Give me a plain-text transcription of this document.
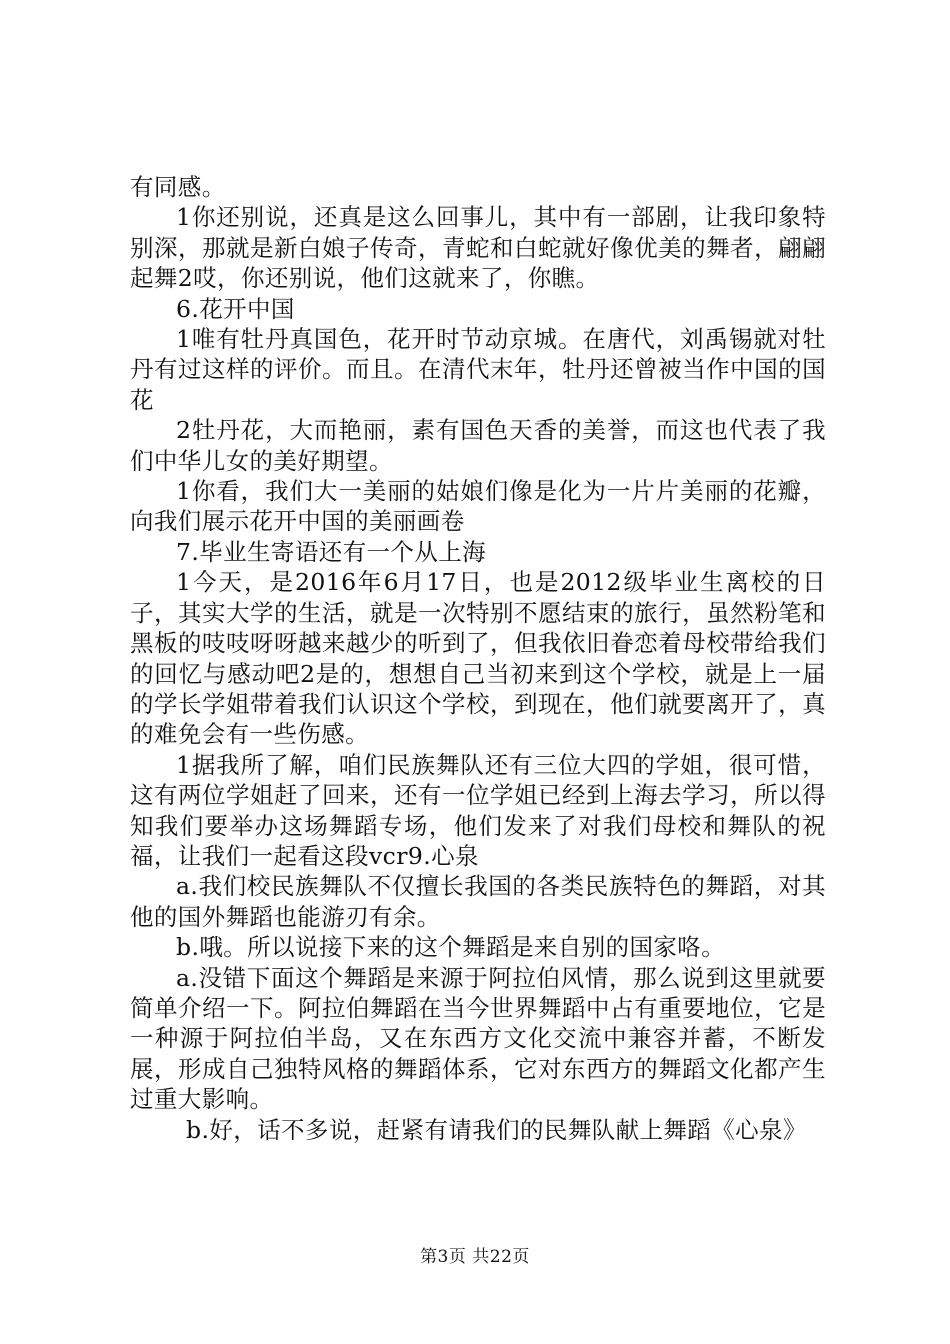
有同感。

1你还别说，还真是这么回事儿，其中有一部剧，让我印象特别深，那就是新白娘子传奇，青蛇和白蛇就好像优美的舞者，翩翩起舞2哎，你还别说，他们这就来了，你瞧。

6.花开中国

1唯有牡丹真国色，花开时节动京城。在唐代，刘禹锡就对牡丹有过这样的评价。而且。在清代末年，牡丹还曾被当作中国的国花

2牡丹花，大而艳丽，素有国色天香的美誉，而这也代表了我们中华儿女的美好期望。

1你看，我们大一美丽的姑娘们像是化为一片片美丽的花瓣，向我们展示花开中国的美丽画卷

7.毕业生寄语还有一个从上海

1今天，是2016年6月17日，也是2012级毕业生离校的日子，其实大学的生活，就是一次特别不愿结束的旅行，虽然粉笔和黑板的吱吱呀呀越来越少的听到了，但我依旧眷恋着母校带给我们的回忆与感动吧2是的，想想自己当初来到这个学校，就是上一届的学长学姐带着我们认识这个学校，到现在，他们就要离开了，真的难免会有一些伤感。

1据我所了解，咱们民族舞队还有三位大四的学姐，很可惜，这有两位学姐赶了回来，还有一位学姐已经到上海去学习，所以得知我们要举办这场舞蹈专场，他们发来了对我们母校和舞队的祝福，让我们一起看这段vcr9.心泉

a.我们校民族舞队不仅擅长我国的各类民族特色的舞蹈，对其他的国外舞蹈也能游刃有余。

b.哦。所以说接下来的这个舞蹈是来自别的国家咯。

a.没错下面这个舞蹈是来源于阿拉伯风情，那么说到这里就要简单介绍一下。阿拉伯舞蹈在当今世界舞蹈中占有重要地位，它是一种源于阿拉伯半岛，又在东西方文化交流中兼容并蓄，不断发展，形成自己独特风格的舞蹈体系，它对东西方的舞蹈文化都产生过重大影响。

b.好，话不多说，赶紧有请我们的民舞队献上舞蹈《心泉》

第3页 共22页
